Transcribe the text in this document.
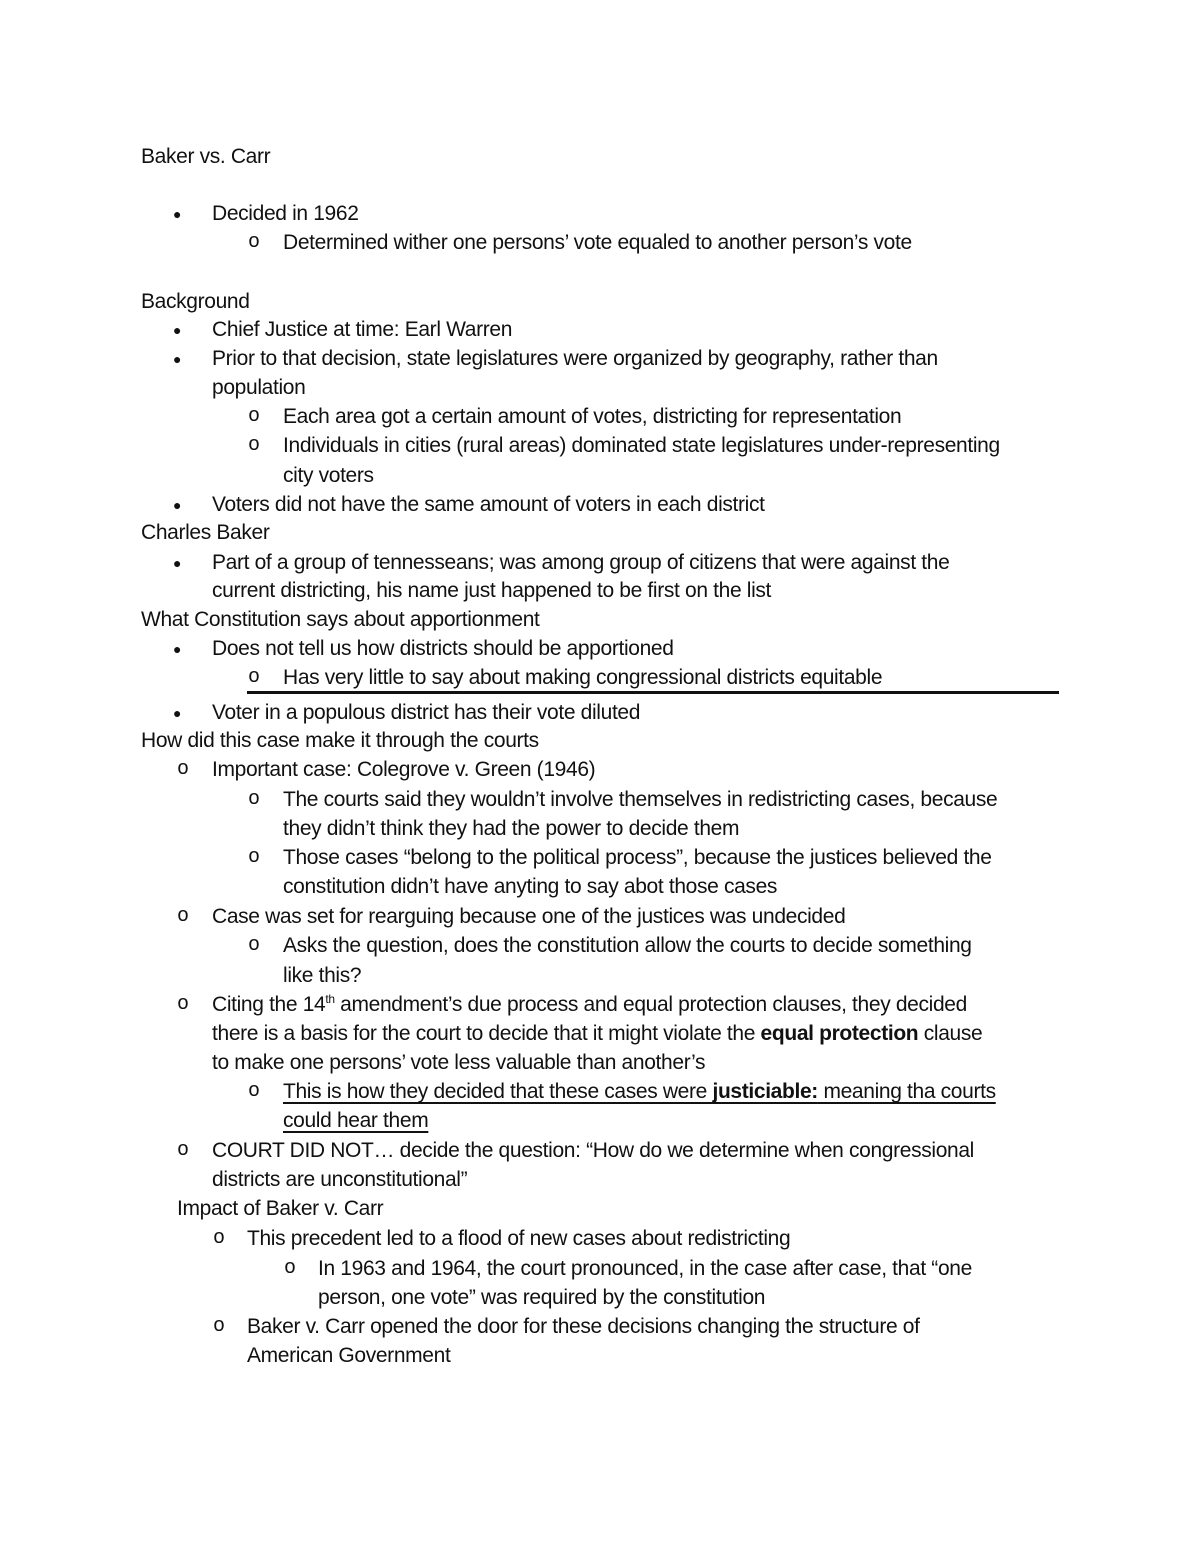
Baker vs. Carr
● Decided in 1962
o Determined wither one persons’ vote equaled to another person’s vote
Background
● Chief Justice at time: Earl Warren
● Prior to that decision, state legislatures were organized by geography, rather than
population
o Each area got a certain amount of votes, districting for representation
o Individuals in cities (rural areas) dominated state legislatures under-representing
city voters
● Voters did not have the same amount of voters in each district
Charles Baker
● Part of a group of tennesseans; was among group of citizens that were against the
current districting, his name just happened to be first on the list
What Constitution says about apportionment
● Does not tell us how districts should be apportioned
o Has very little to say about making congressional districts equitable
● Voter in a populous district has their vote diluted
How did this case make it through the courts
o Important case: Colegrove v. Green (1946)
o The courts said they wouldn’t involve themselves in redistricting cases, because
they didn’t think they had the power to decide them
o Those cases “belong to the political process”, because the justices believed the
constitution didn’t have anyting to say abot those cases
o Case was set for rearguing because one of the justices was undecided
o Asks the question, does the constitution allow the courts to decide something
like this?
o Citing the 14th amendment’s due process and equal protection clauses, they decided
there is a basis for the court to decide that it might violate the equal protection clause
to make one persons’ vote less valuable than another’s
o This is how they decided that these cases were justiciable: meaning tha courts
could hear them
o COURT DID NOT… decide the question: “How do we determine when congressional
districts are unconstitutional”
Impact of Baker v. Carr
o This precedent led to a flood of new cases about redistricting
o In 1963 and 1964, the court pronounced, in the case after case, that “one
person, one vote” was required by the constitution
o Baker v. Carr opened the door for these decisions changing the structure of
American Government
